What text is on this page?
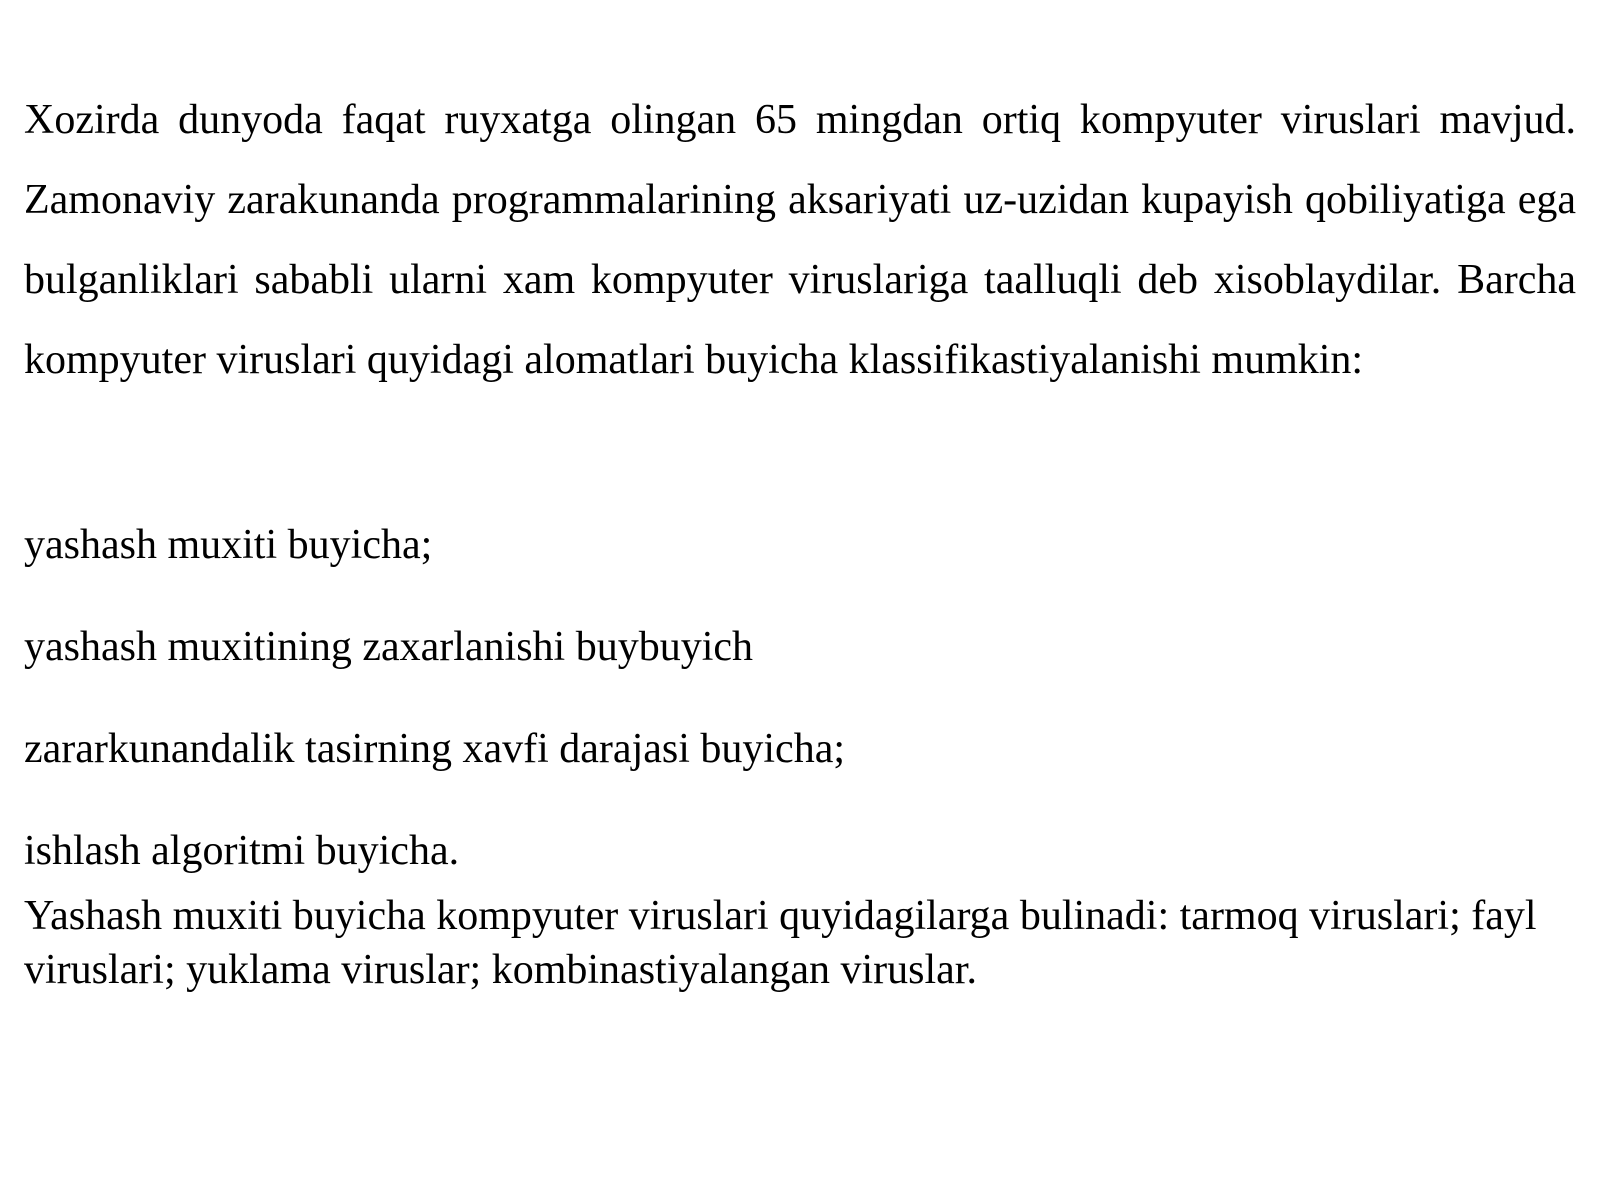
Xozirda dunyoda faqat ruyxatga olingan 65 mingdan ortiq kompyuter viruslari mavjud. Zamonaviy zarakunanda programmalarining aksariyati uz-uzidan kupayish qobiliyatiga ega bulganliklari sababli ularni xam kompyuter viruslariga taalluqli deb xisoblaydilar. Barcha kompyuter viruslari quyidagi alomatlari buyicha klassifikastiyalanishi mumkin:

yashash muxiti buyicha;
yashash muxitining zaxarlanishi buybuyich
zararkunandalik tasirning xavfi darajasi buyicha;
ishlash algoritmi buyicha.

Yashash muxiti buyicha kompyuter viruslari quyidagilarga bulinadi: tarmoq viruslari; fayl viruslari; yuklama viruslar; kombinastiyalangan viruslar.
